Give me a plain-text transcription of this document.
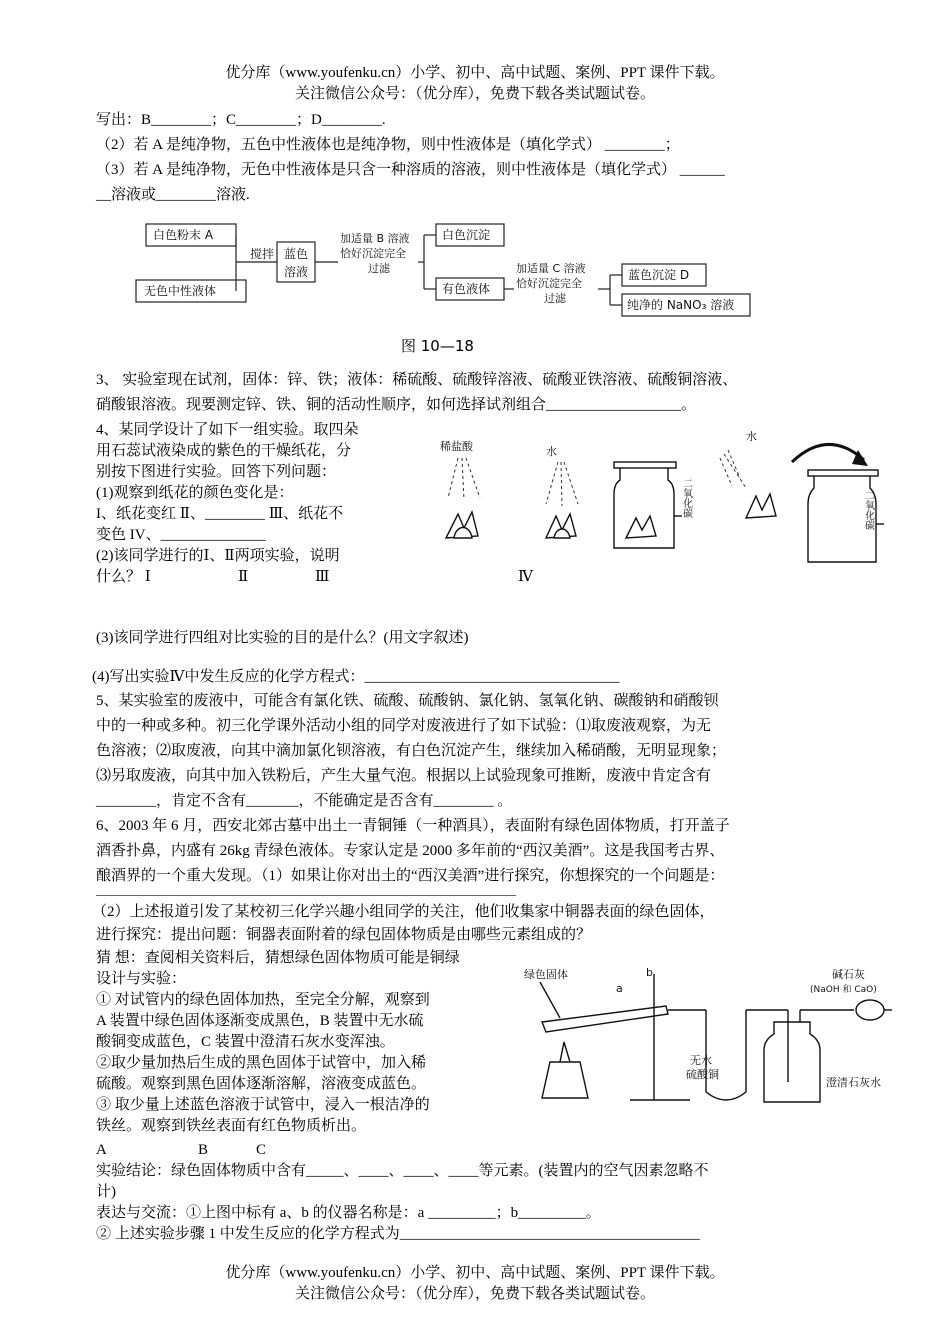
优分库（www.youfenku.cn）小学、初中、高中试题、案例、PPT 课件下载。
关注微信公众号：（优分库），免费下载各类试题试卷。
写出：B________；C________；D________.
（2）若 A 是纯净物，五色中性液体也是纯净物，则中性液体是（填化学式） ________；
（3）若 A 是纯净物，无色中性液体是只含一种溶质的溶液，则中性液体是（填化学式） ______
__溶液或________溶液.
白色粉末 A
无色中性液体
搅拌 蓝色
溶液
加适量 B 溶液
恰好沉淀完全
过滤
白色沉淀
有色液体
加适量 C 溶液
恰好沉淀完全
过滤
蓝色沉淀 D
纯净的 NaNO₃ 溶液
图 10—18
3、 实验室现在试剂，固体：锌、铁；液体：稀硫酸、硫酸锌溶液、硫酸亚铁溶液、硫酸铜溶液、
硝酸银溶液。现要测定锌、铁、铜的活动性顺序，如何选择试剂组合__________________。
4、某同学设计了如下一组实验。取四朵
用石蕊试液染成的紫色的干燥纸花，分
别按下图进行实验。回答下列问题：
(1)观察到纸花的颜色变化是：
I、纸花变红 Ⅱ、________ Ⅲ、纸花不
变色 IV、______________
(2)该同学进行的Ⅰ、Ⅱ两项实验，说明
什么？ Ⅰ	Ⅱ	Ⅲ	Ⅳ
稀盐酸	水
水
二氧化碳	二氧化碳
(3)该同学进行四组对比实验的目的是什么？(用文字叙述)
(4)写出实验Ⅳ中发生反应的化学方程式：__________________________________
5、某实验室的废液中，可能含有氯化铁、硫酸、硫酸钠、氯化钠、氢氧化钠、碳酸钠和硝酸钡
中的一种或多种。初三化学课外活动小组的同学对废液进行了如下试验：⑴取废液观察，为无
色溶液；⑵取废液，向其中滴加氯化钡溶液，有白色沉淀产生，继续加入稀硝酸，无明显现象；
⑶另取废液，向其中加入铁粉后，产生大量气泡。根据以上试验现象可推断，废液中肯定含有
________，肯定不含有_______，不能确定是否含有________ 。
6、2003 年 6 月，西安北郊古墓中出土一青铜锤（一种酒具），表面附有绿色固体物质，打开盖子
酒香扑鼻，内盛有 26kg 青绿色液体。专家认定是 2000 多年前的“西汉美酒”。这是我国考古界、
酿酒界的一个重大发现。（1）如果让你对出土的“西汉美酒”进行探究，你想探究的一个问题是：
______________________________________________________________________
（2）上述报道引发了某校初三化学兴趣小组同学的关注，他们收集家中铜器表面的绿色固体，
进行探究：提出问题：铜器表面附着的绿包固体物质是由哪些元素组成的？
猜 想：查阅相关资料后，猜想绿色固体物质可能是铜绿
设计与实验：
① 对试管内的绿色固体加热，至完全分解，观察到
A 装置中绿色固体逐渐变成黑色，B 装置中无水硫
酸铜变成蓝色，C 装置中澄清石灰水变浑浊。
②取少量加热后生成的黑色固体于试管中，加入稀
硫酸。观察到黑色固体逐渐溶解，溶液变成蓝色。
③ 取少量上述蓝色溶液于试管中，浸入一根洁净的
铁丝。观察到铁丝表面有红色物质析出。
A	B	C
实验结论：绿色固体物质中含有_____、____、____、____等元素。(装置内的空气因素忽略不
计)
表达与交流：①上图中标有 a、b 的仪器名称是：a _________；b_________。
② 上述实验步骤 1 中发生反应的化学方程式为________________________________________
绿色固体
a
b	碱石灰
(NaOH 和 CaO)
无水
硫酸铜
澄清石灰水
优分库（www.youfenku.cn）小学、初中、高中试题、案例、PPT 课件下载。
关注微信公众号：（优分库），免费下载各类试题试卷。
